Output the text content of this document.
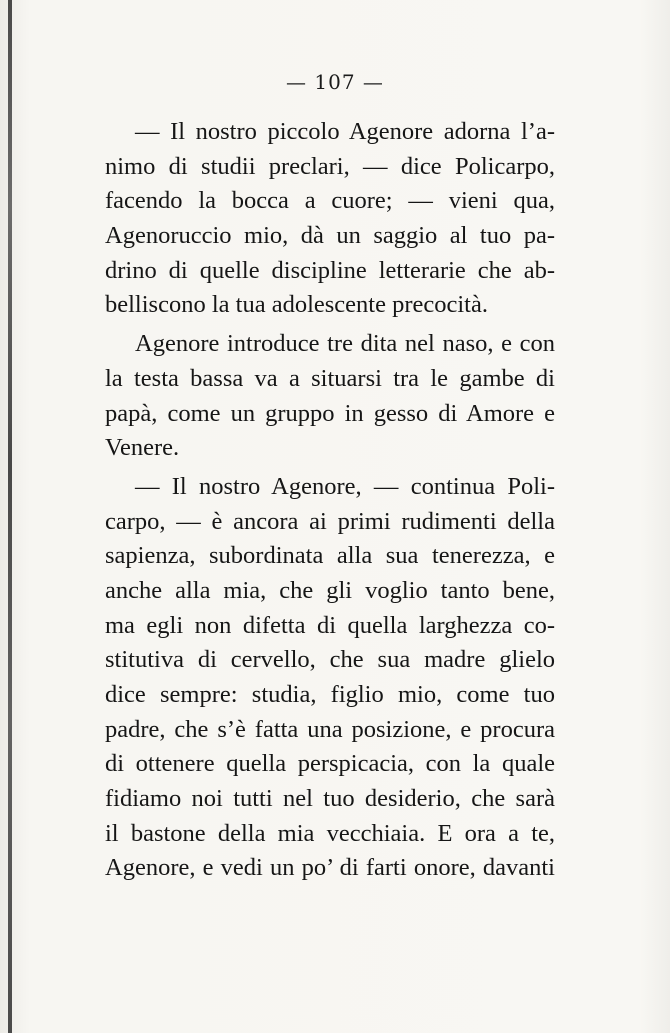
— 107 —

— Il nostro piccolo Agenore adorna l’a-
nimo di studii preclari, — dice Policarpo,
facendo la bocca a cuore; — vieni qua,
Agenoruccio mio, dà un saggio al tuo pa-
drino di quelle discipline letterarie che ab-
belliscono la tua adolescente precocità.

Agenore introduce tre dita nel naso, e con
la testa bassa va a situarsi tra le gambe di
papà, come un gruppo in gesso di Amore e
Venere.

— Il nostro Agenore, — continua Poli-
carpo, — è ancora ai primi rudimenti della
sapienza, subordinata alla sua tenerezza, e
anche alla mia, che gli voglio tanto bene,
ma egli non difetta di quella larghezza co-
stitutiva di cervello, che sua madre glielo
dice sempre: studia, figlio mio, come tuo
padre, che s’è fatta una posizione, e procura
di ottenere quella perspicacia, con la quale
fidiamo noi tutti nel tuo desiderio, che sarà
il bastone della mia vecchiaia. E ora a te,
Agenore, e vedi un po’ di farti onore, davanti
